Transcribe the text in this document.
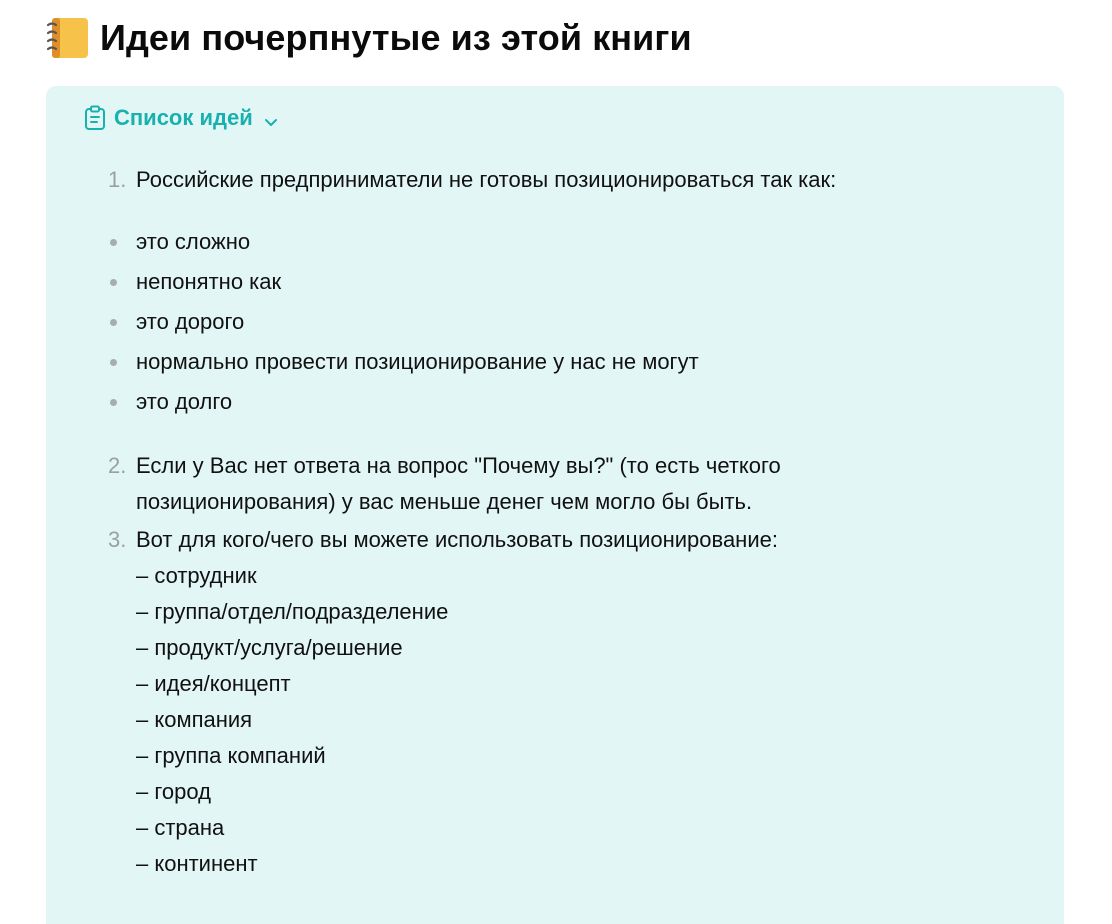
Идеи почерпнутые из этой книги
Список идей
1. Российские предприниматели не готовы позиционироваться так как:
это сложно
непонятно как
это дорого
нормально провести позиционирование у нас не могут
это долго
2. Если у Вас нет ответа на вопрос "Почему вы?" (то есть четкого позиционирования) у вас меньше денег чем могло бы быть.
3. Вот для кого/чего вы можете использовать позиционирование:
– сотрудник
– группа/отдел/подразделение
– продукт/услуга/решение
– идея/концепт
– компания
– группа компаний
– город
– страна
– континент
